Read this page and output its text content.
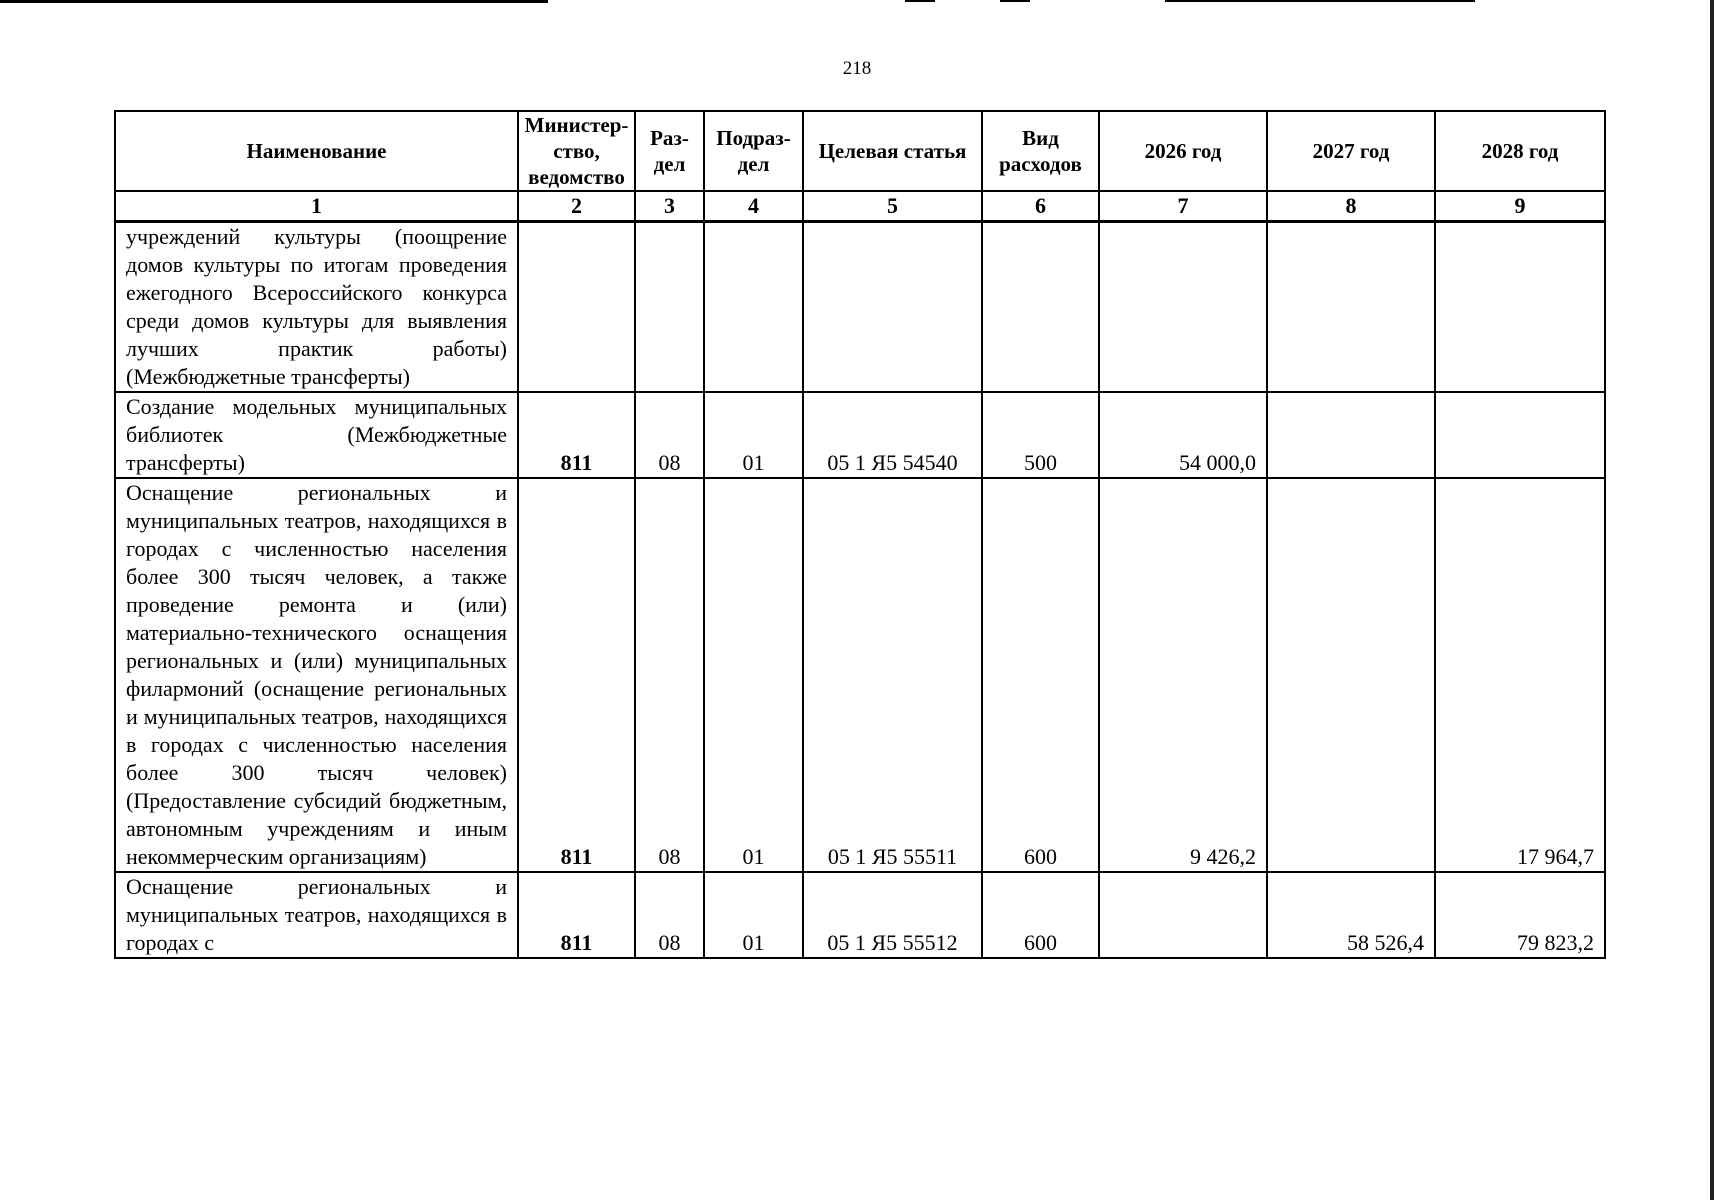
218
Наименование	Министер-ство, ведомство	Раз-дел	Подраз-дел	Целевая статья	Вид расходов	2026 год	2027 год	2028 год
1	2	3	4	5	6	7	8	9
учреждений культуры (поощрение домов культуры по итогам проведения ежегодного Всероссийского конкурса среди домов культуры для выявления лучших практик работы) (Межбюджетные трансферты)								
Создание модельных муниципальных библиотек (Межбюджетные трансферты)	811	08	01	05 1 Я5 54540	500	54 000,0		
Оснащение региональных и муниципальных театров, находящихся в городах с численностью населения более 300 тысяч человек, а также проведение ремонта и (или) материально-технического оснащения региональных и (или) муниципальных филармоний (оснащение региональных и муниципальных театров, находящихся в городах с численностью населения более 300 тысяч человек) (Предоставление субсидий бюджетным, автономным учреждениям и иным некоммерческим организациям)	811	08	01	05 1 Я5 55511	600	9 426,2		17 964,7
Оснащение региональных и муниципальных театров, находящихся в городах с	811	08	01	05 1 Я5 55512	600		58 526,4	79 823,2
